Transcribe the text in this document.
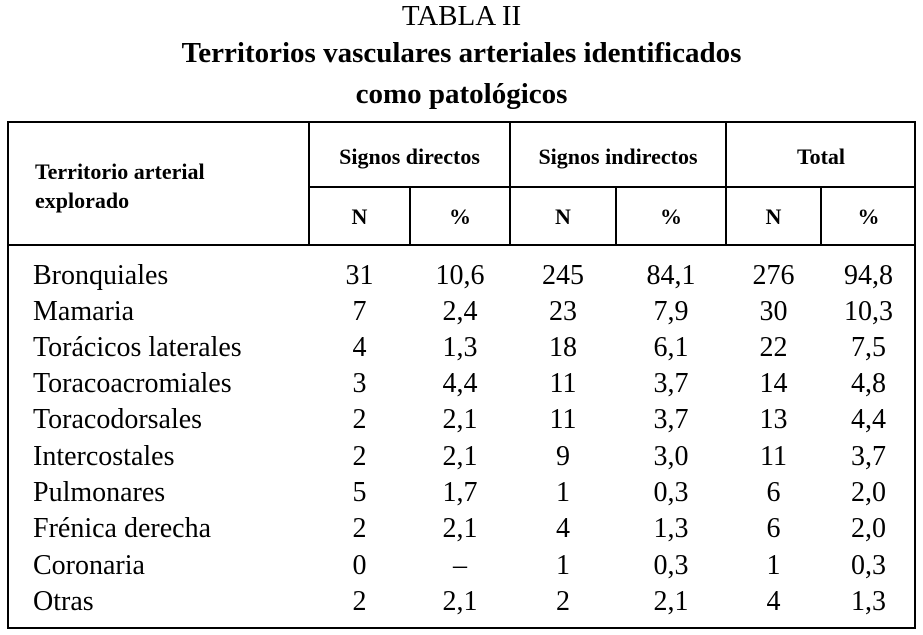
TABLA II
Territorios vasculares arteriales identificados
como patológicos
Territorio arterial
explorado
Signos directos	Signos indirectos	Total
N	%	N	%	N	%
Bronquiales	31	10,6	245	84,1	276	94,8
Mamaria	7	2,4	23	7,9	30	10,3
Torácicos laterales	4	1,3	18	6,1	22	7,5
Toracoacromiales	3	4,4	11	3,7	14	4,8
Toracodorsales	2	2,1	11	3,7	13	4,4
Intercostales	2	2,1	9	3,0	11	3,7
Pulmonares	5	1,7	1	0,3	6	2,0
Frénica derecha	2	2,1	4	1,3	6	2,0
Coronaria	0	–	1	0,3	1	0,3
Otras	2	2,1	2	2,1	4	1,3
